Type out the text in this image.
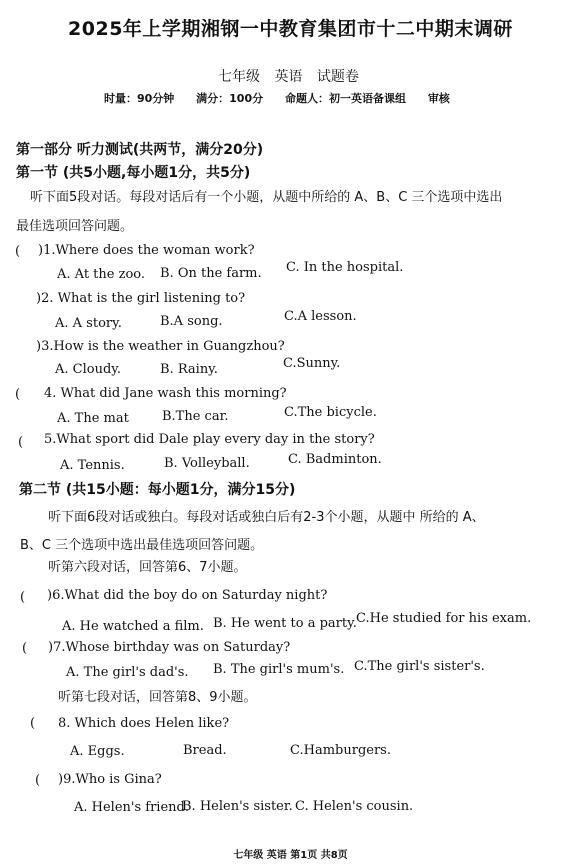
2025年上学期湘钢一中教育集团市十二中期末调研
七年级 英语 试题卷
时量：90分钟 满分：100分 命题人：初一英语备课组 审核
第一部分 听力测试(共两节，满分20分)
第一节 (共5小题,每小题1分，共5分)
听下面5段对话。每段对话后有一个小题，从题中所给的 A、B、C 三个选项中选出
最佳选项回答问题。
( )1.Where does the woman work?
A. At the zoo. B. On the farm. C. In the hospital.
)2. What is the girl listening to?
A. A story.	B.A song.	C.A lesson.
)3.How is the weather in Guangzhou?
A. Cloudy.	B. Rainy.	C.Sunny.
( 4. What did Jane wash this morning?
A. The mat	B.The car.	C.The bicycle.
( 5.What sport did Dale play every day in the story?
A. Tennis.	B. Volleyball.	C. Badminton.
第二节 (共15小题：每小题1分，满分15分)
听下面6段对话或独白。每段对话或独白后有2-3个小题，从题中 所给的 A、
B、C 三个选项中选出最佳选项回答问题。
听第六段对话，回答第6、7小题。
( )6.What did the boy do on Saturday night?
A. He watched a film. B. He went to a party. C.He studied for his exam.
( )7.Whose birthday was on Saturday?
A. The girl's dad's. B. The girl's mum's. C.The girl's sister's.
听第七段对话，回答第8、9小题。
( 8. Which does Helen like?
A. Eggs.	Bread.	C.Hamburgers.
( )9.Who is Gina?
A. Helen's friend.
B. Helen's sister. C. Helen's cousin.
七年级 英语 第1页 共8页
